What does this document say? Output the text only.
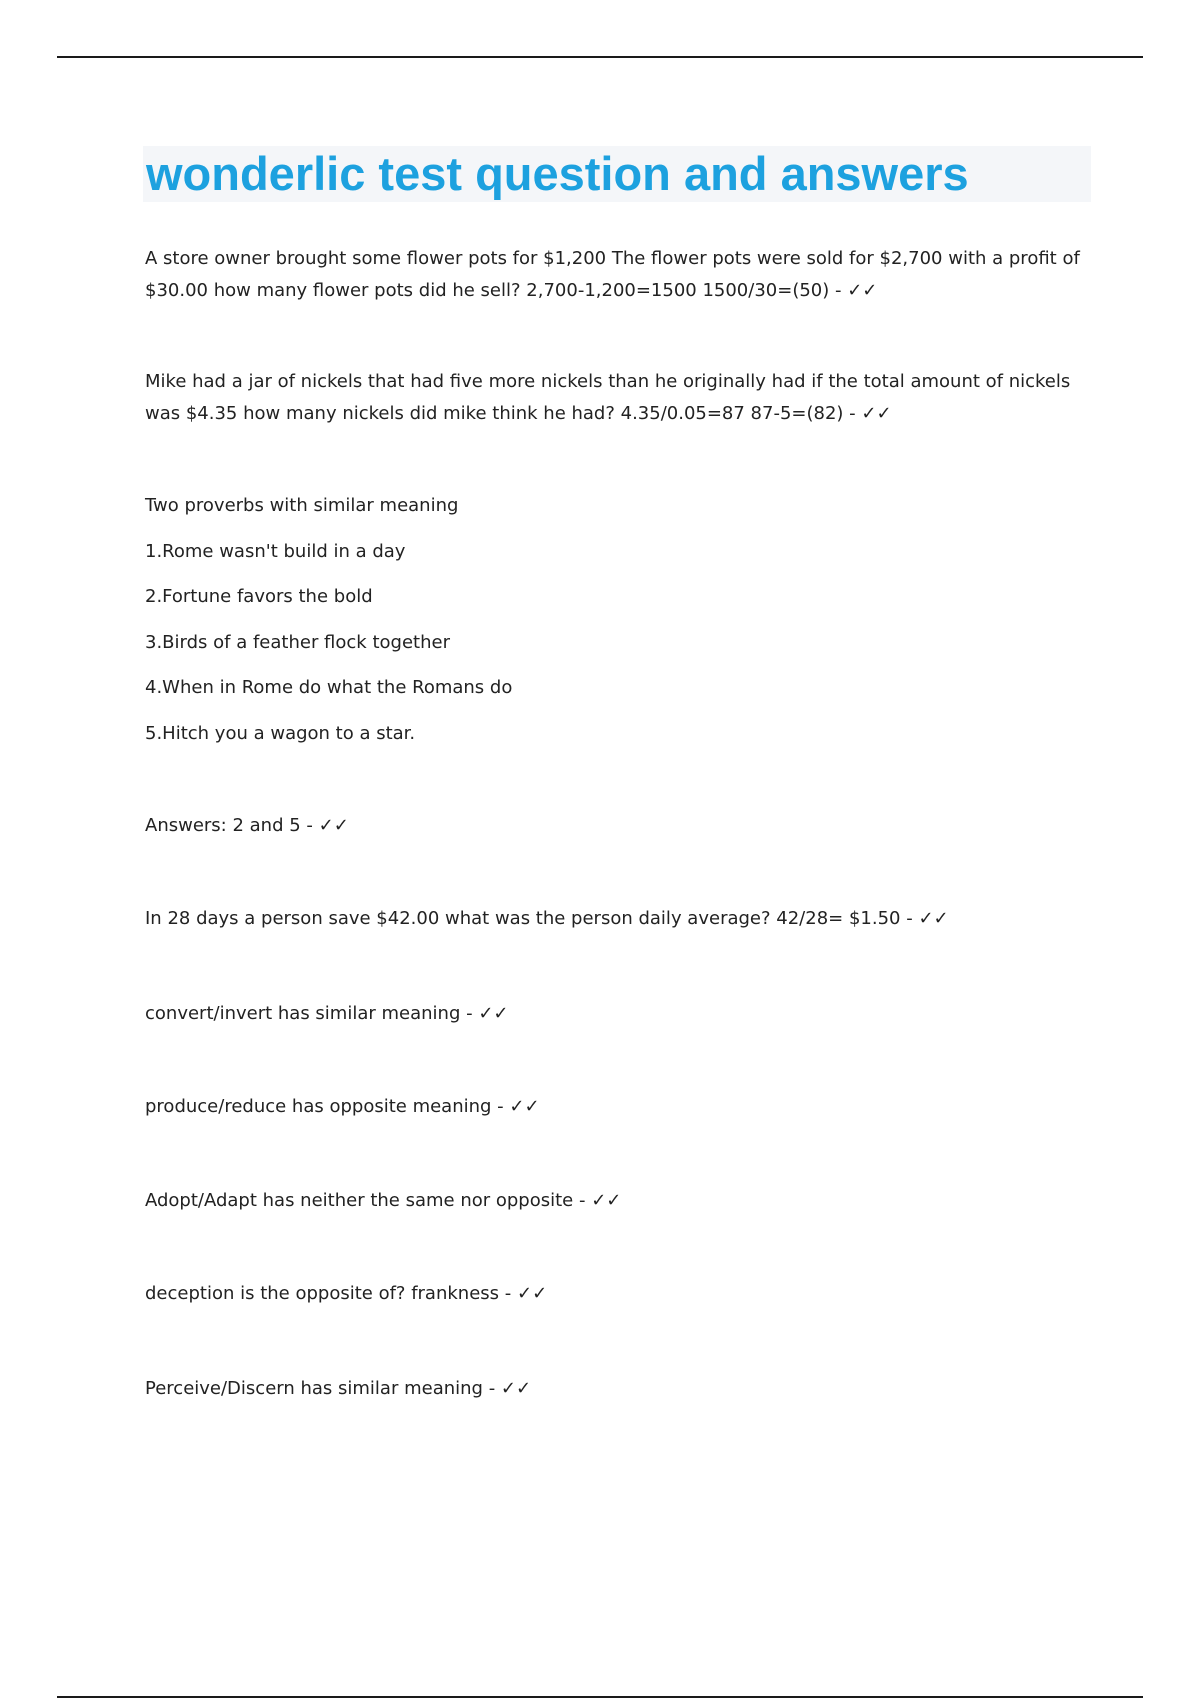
wonderlic test question and answers

A store owner brought some flower pots for $1,200 The flower pots were sold for $2,700 with a profit of
$30.00 how many flower pots did he sell? 2,700-1,200=1500 1500/30=(50) - ✓✓

Mike had a jar of nickels that had five more nickels than he originally had if the total amount of nickels
was $4.35 how many nickels did mike think he had? 4.35/0.05=87 87-5=(82) - ✓✓

Two proverbs with similar meaning

1.Rome wasn't build in a day

2.Fortune favors the bold

3.Birds of a feather flock together

4.When in Rome do what the Romans do

5.Hitch you a wagon to a star.

Answers: 2 and 5 - ✓✓

In 28 days a person save $42.00 what was the person daily average? 42/28= $1.50 - ✓✓

convert/invert has similar meaning - ✓✓

produce/reduce has opposite meaning - ✓✓

Adopt/Adapt has neither the same nor opposite - ✓✓

deception is the opposite of? frankness - ✓✓

Perceive/Discern has similar meaning - ✓✓
